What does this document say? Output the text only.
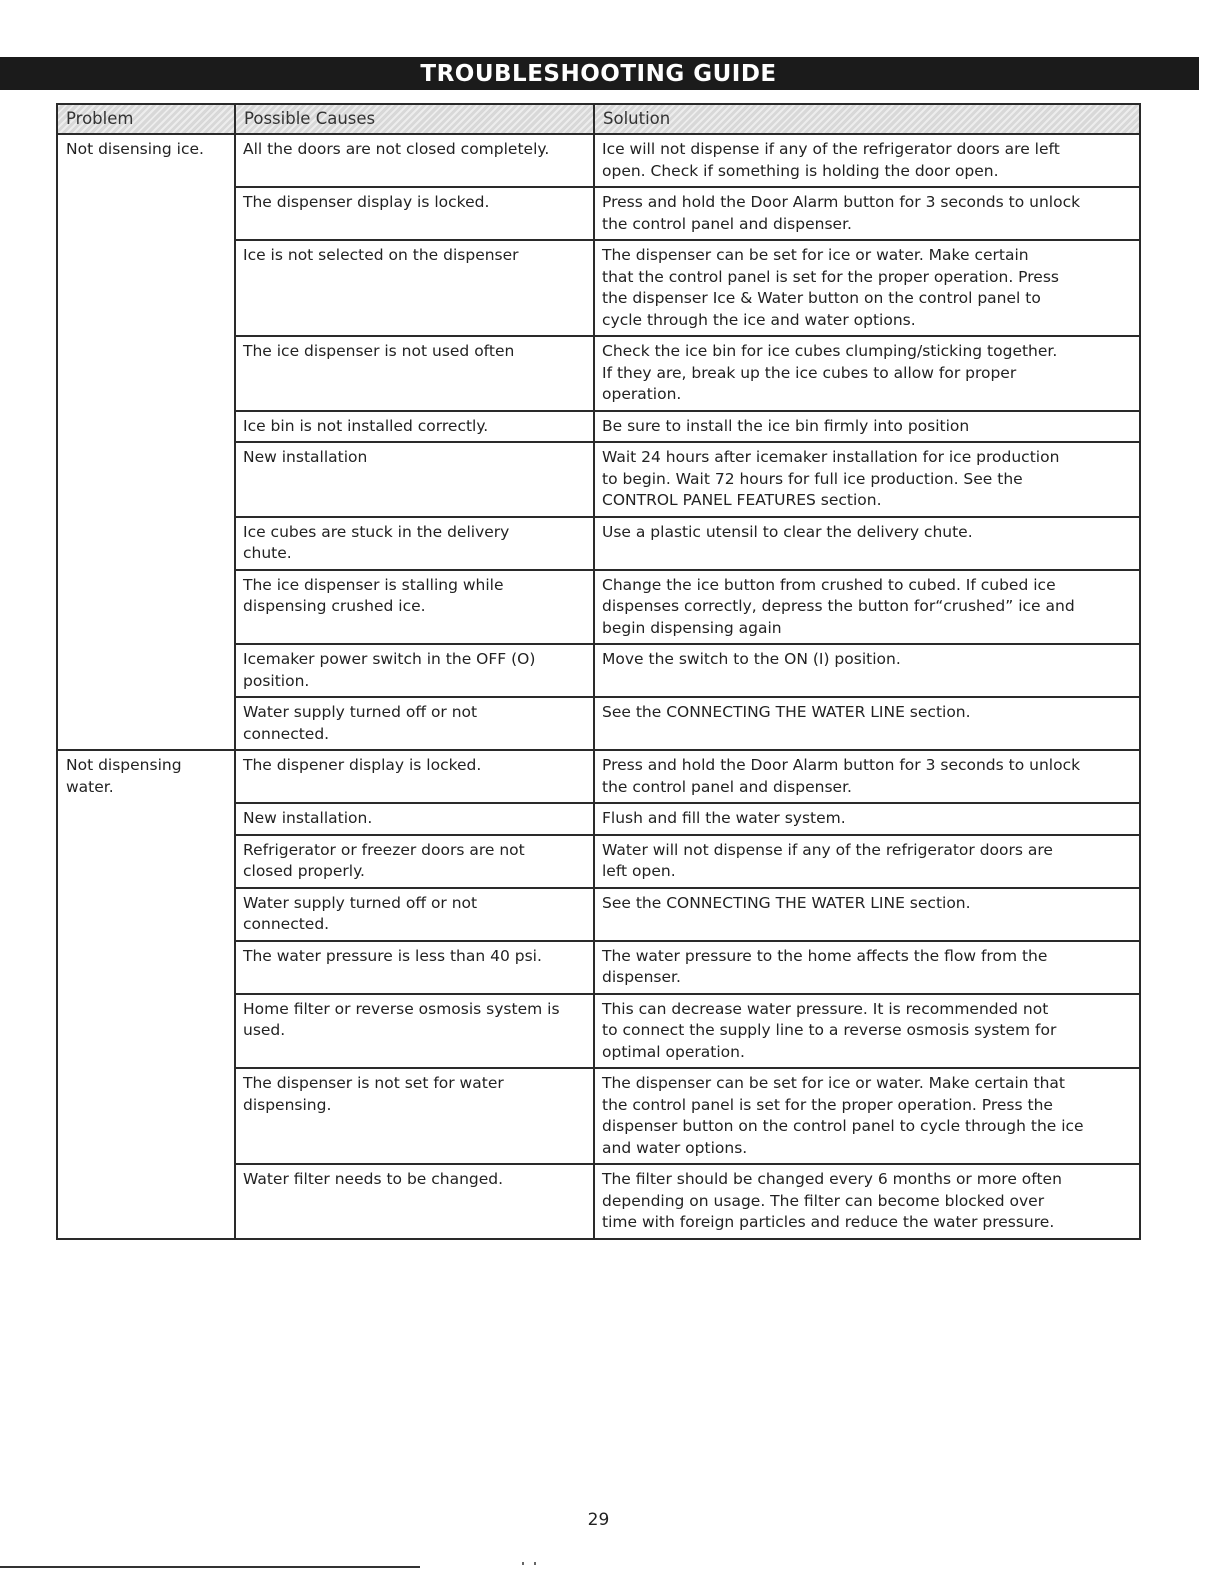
TROUBLESHOOTING GUIDE
Problem	Possible Causes	Solution
Not disensing ice.	All the doors are not closed completely.	Ice will not dispense if any of the refrigerator doors are left
open. Check if something is holding the door open.
	The dispenser display is locked.	Press and hold the Door Alarm button for 3 seconds to unlock
the control panel and dispenser.
	Ice is not selected on the dispenser	The dispenser can be set for ice or water. Make certain
that the control panel is set for the proper operation. Press
the dispenser Ice & Water button on the control panel to
cycle through the ice and water options.
	The ice dispenser is not used often	Check the ice bin for ice cubes clumping/sticking together.
If they are, break up the ice cubes to allow for proper
operation.
	Ice bin is not installed correctly.	Be sure to install the ice bin firmly into position
	New installation	Wait 24 hours after icemaker installation for ice production
to begin. Wait 72 hours for full ice production. See the
CONTROL PANEL FEATURES section.
	Ice cubes are stuck in the delivery
chute.	Use a plastic utensil to clear the delivery chute.
	The ice dispenser is stalling while
dispensing crushed ice.	Change the ice button from crushed to cubed. If cubed ice
dispenses correctly, depress the button for“crushed” ice and
begin dispensing again
	Icemaker power switch in the OFF (O)
position.	Move the switch to the ON (I) position.
	Water supply turned off or not
connected.	See the CONNECTING THE WATER LINE section.
Not dispensing
water.	The dispener display is locked.	Press and hold the Door Alarm button for 3 seconds to unlock
the control panel and dispenser.
	New installation.	Flush and fill the water system.
	Refrigerator or freezer doors are not
closed properly.	Water will not dispense if any of the refrigerator doors are
left open.
	Water supply turned off or not
connected.	See the CONNECTING THE WATER LINE section.
	The water pressure is less than 40 psi.	The water pressure to the home affects the flow from the
dispenser.
	Home filter or reverse osmosis system is
used.	This can decrease water pressure. It is recommended not
to connect the supply line to a reverse osmosis system for
optimal operation.
	The dispenser is not set for water
dispensing.	The dispenser can be set for ice or water. Make certain that
the control panel is set for the proper operation. Press the
dispenser button on the control panel to cycle through the ice
and water options.
	Water filter needs to be changed.	The filter should be changed every 6 months or more often
depending on usage. The filter can become blocked over
time with foreign particles and reduce the water pressure.
29
